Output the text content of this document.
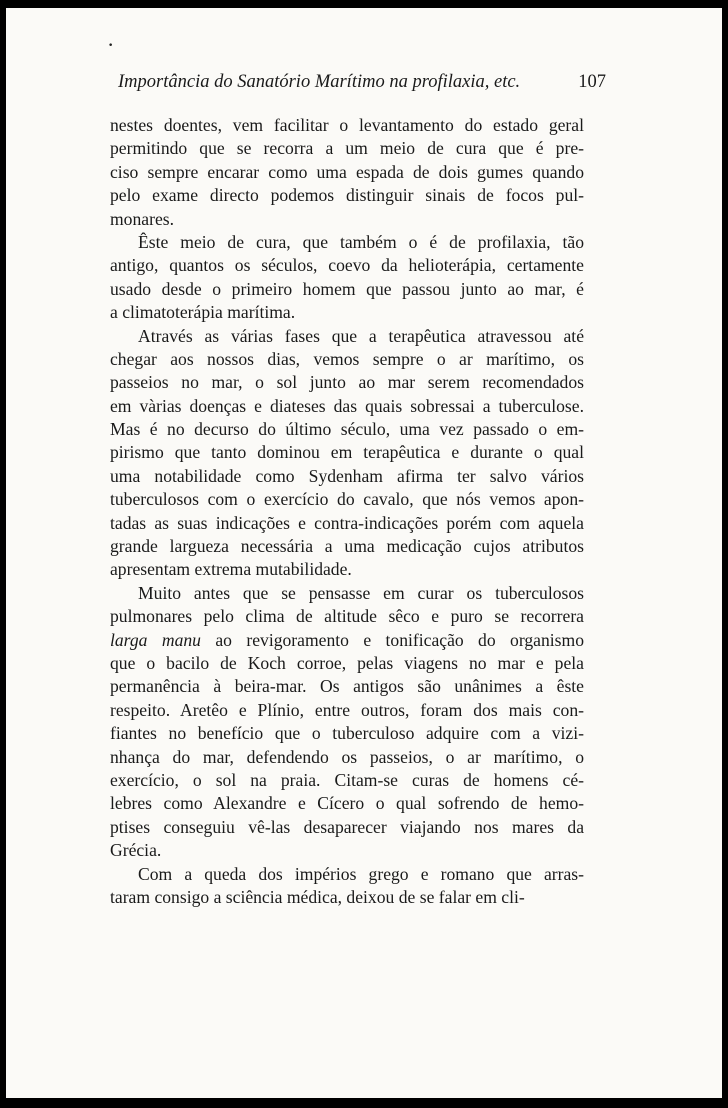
•
Importância do Sanatório Marítimo na profilaxia, etc.	107
nestes doentes, vem facilitar o levantamento do estado geral
permitindo que se recorra a um meio de cura que é pre-
ciso sempre encarar como uma espada de dois gumes quando
pelo exame directo podemos distinguir sinais de focos pul-
monares.
Êste meio de cura, que também o é de profilaxia, tão
antigo, quantos os séculos, coevo da helioterápia, certamente
usado desde o primeiro homem que passou junto ao mar, é
a climatoterápia marítima.
Através as várias fases que a terapêutica atravessou até
chegar aos nossos dias, vemos sempre o ar marítimo, os
passeios no mar, o sol junto ao mar serem recomendados
em vàrias doenças e diateses das quais sobressai a tuberculose.
Mas é no decurso do último século, uma vez passado o em-
pirismo que tanto dominou em terapêutica e durante o qual
uma notabilidade como Sydenham afirma ter salvo vários
tuberculosos com o exercício do cavalo, que nós vemos apon-
tadas as suas indicações e contra-indicações porém com aquela
grande largueza necessária a uma medicação cujos atributos
apresentam extrema mutabilidade.
Muito antes que se pensasse em curar os tuberculosos
pulmonares pelo clima de altitude sêco e puro se recorrera
larga manu ao revigoramento e tonificação do organismo
que o bacilo de Koch corroe, pelas viagens no mar e pela
permanência à beira-mar. Os antigos são unânimes a êste
respeito. Aretêo e Plínio, entre outros, foram dos mais con-
fiantes no benefício que o tuberculoso adquire com a vizi-
nhança do mar, defendendo os passeios, o ar marítimo, o
exercício, o sol na praia. Citam-se curas de homens cé-
lebres como Alexandre e Cícero o qual sofrendo de hemo-
ptises conseguiu vê-las desaparecer viajando nos mares da
Grécia.
Com a queda dos impérios grego e romano que arras-
taram consigo a sciência médica, deixou de se falar em cli-
